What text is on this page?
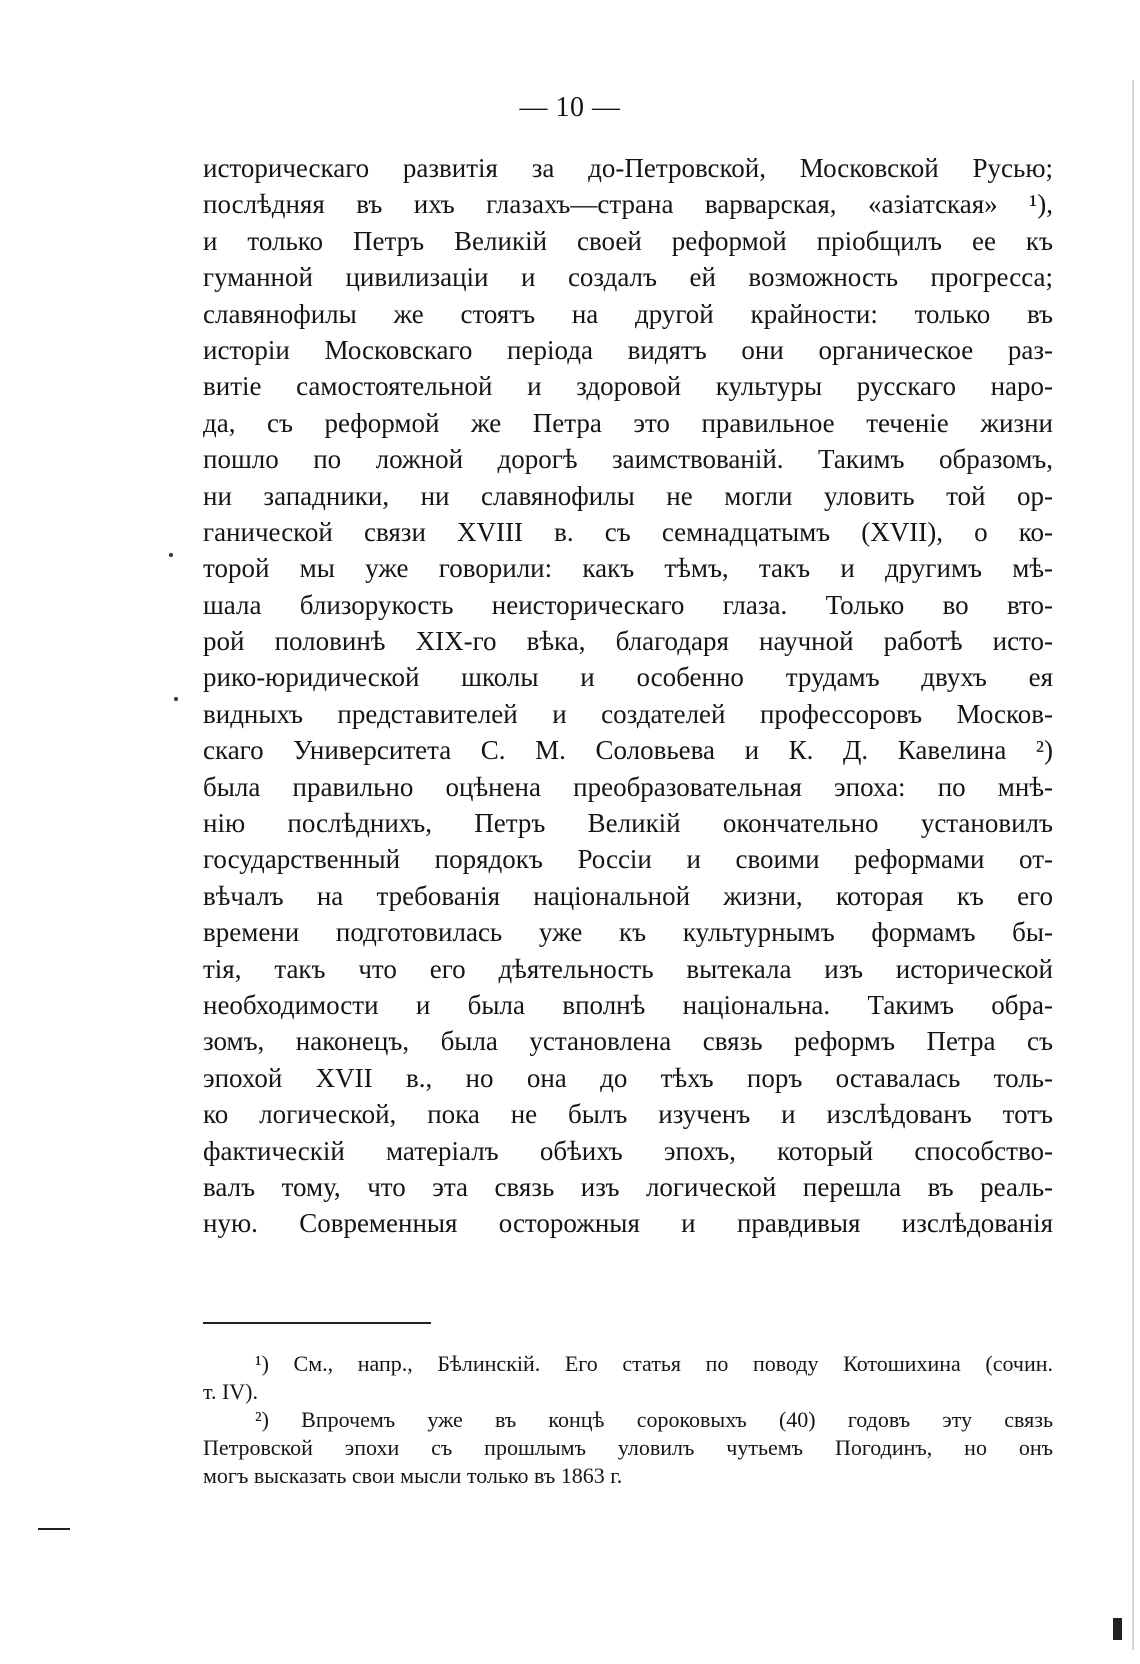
— 10 —
историческаго развитія за до-Петровской, Московской Русью;
послѣдняя въ ихъ глазахъ—страна варварская, «азіатская» ¹),
и только Петръ Великій своей реформой пріобщилъ ее къ
гуманной цивилизаціи и создалъ ей возможность прогресса;
славянофилы же стоятъ на другой крайности: только въ
исторіи Московскаго періода видятъ они органическое раз-
витіе самостоятельной и здоровой культуры русскаго наро-
да, съ реформой же Петра это правильное теченіе жизни
пошло по ложной дорогѣ заимствованій. Такимъ образомъ,
ни западники, ни славянофилы не могли уловить той ор-
ганической связи XVIII в. съ семнадцатымъ (XVII), о ко-
торой мы уже говорили: какъ тѣмъ, такъ и другимъ мѣ-
шала близорукость неисторическаго глаза. Только во вто-
рой половинѣ XIX-го вѣка, благодаря научной работѣ исто-
рико-юридической школы и особенно трудамъ двухъ ея
видныхъ представителей и создателей профессоровъ Москов-
скаго Университета С. М. Соловьева и К. Д. Кавелина ²)
была правильно оцѣнена преобразовательная эпоха: по мнѣ-
нію послѣднихъ, Петръ Великій окончательно установилъ
государственный порядокъ Россіи и своими реформами от-
вѣчалъ на требованія національной жизни, которая къ его
времени подготовилась уже къ культурнымъ формамъ бы-
тія, такъ что его дѣятельность вытекала изъ исторической
необходимости и была вполнѣ національна. Такимъ обра-
зомъ, наконецъ, была установлена связь реформъ Петра съ
эпохой XVII в., но она до тѣхъ поръ оставалась толь-
ко логической, пока не былъ изученъ и изслѣдованъ тотъ
фактическій матеріалъ обѣихъ эпохъ, который способство-
валъ тому, что эта связь изъ логической перешла въ реаль-
ную. Современныя осторожныя и правдивыя изслѣдованія
¹) См., напр., Бѣлинскій. Его статья по поводу Котошихина (сочин.
т. IV).
²) Впрочемъ уже въ концѣ сороковыхъ (40) годовъ эту связь
Петровской эпохи съ прошлымъ уловилъ чутьемъ Погодинъ, но онъ
могъ высказать свои мысли только въ 1863 г.
